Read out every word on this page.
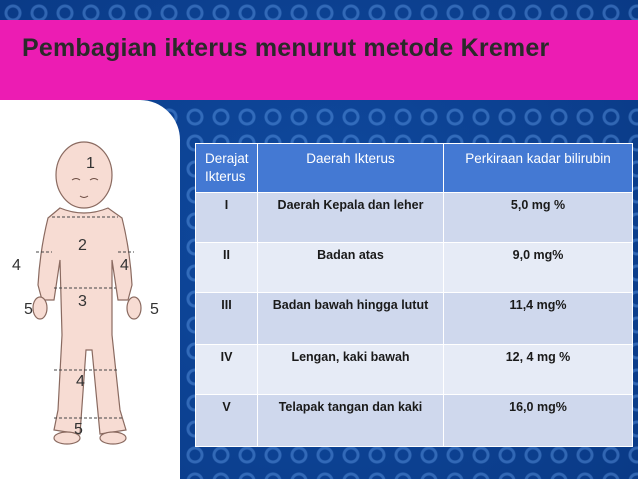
Pembagian ikterus menurut metode Kremer
1
2
3
4
4	4
5	5
5
Derajat Ikterus	Daerah Ikterus	Perkiraan kadar bilirubin
I	Daerah Kepala dan leher	5,0 mg %
II	Badan atas	9,0 mg%
III	Badan bawah hingga lutut	11,4 mg%
IV	Lengan, kaki bawah	12, 4 mg %
V	Telapak tangan dan kaki	16,0 mg%
